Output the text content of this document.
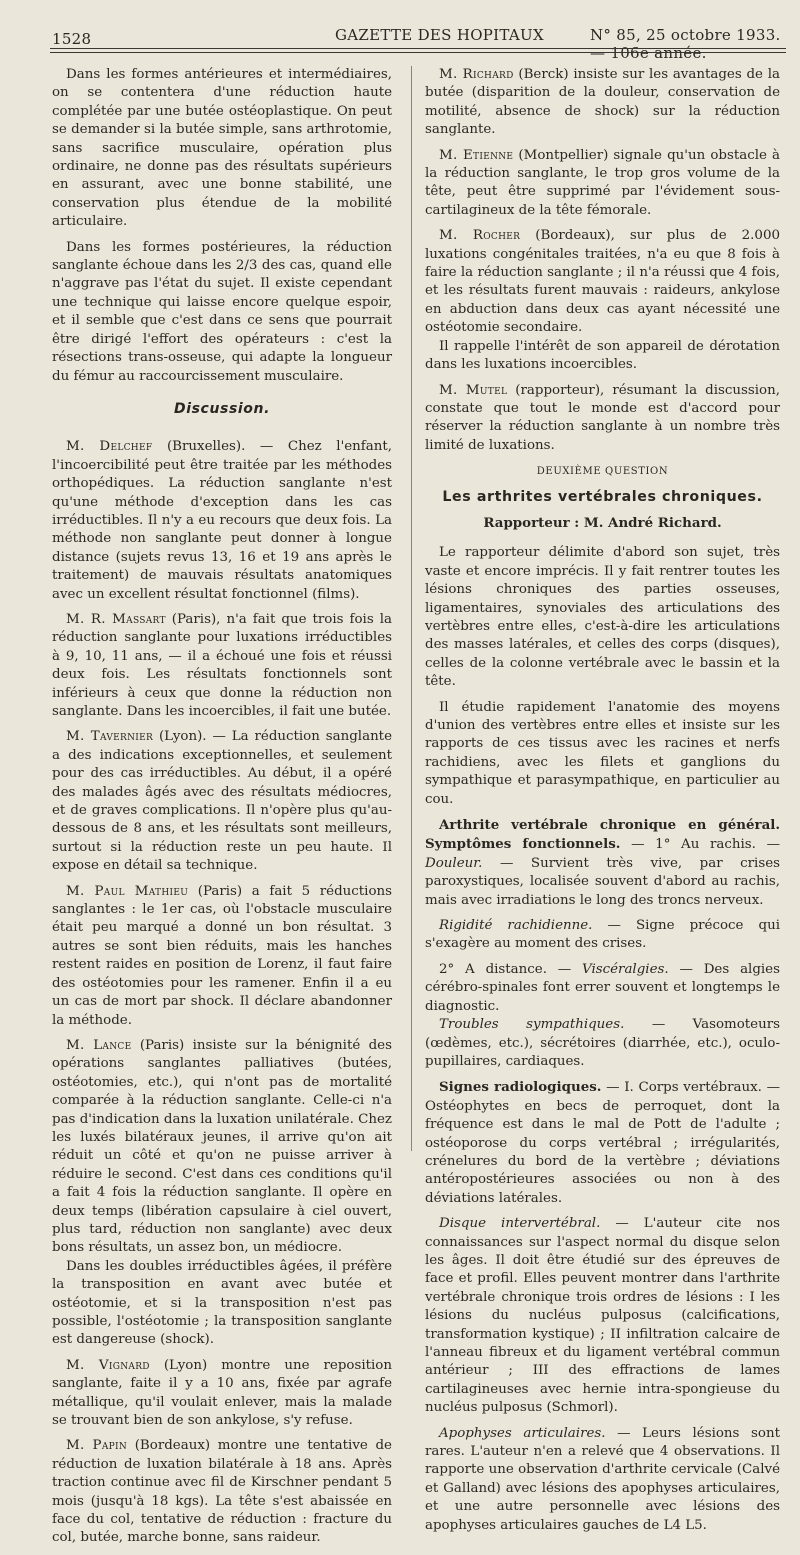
1528	GAZETTE DES HOPITAUX	N° 85, 25 octobre 1933. — 106e année.

Dans les formes antérieures et intermédiaires, on se contentera d'une réduction haute complétée par une butée ostéoplastique. On peut se demander si la butée simple, sans arthrotomie, sans sacrifice musculaire, opération plus ordinaire, ne donne pas des résultats supérieurs en assurant, avec une bonne stabilité, une conservation plus étendue de la mobilité articulaire.

Dans les formes postérieures, la réduction sanglante échoue dans les 2/3 des cas, quand elle n'aggrave pas l'état du sujet. Il existe cependant une technique qui laisse encore quelque espoir, et il semble que c'est dans ce sens que pourrait être dirigé l'effort des opérateurs : c'est la résections trans-osseuse, qui adapte la longueur du fémur au raccourcissement musculaire.

Discussion.

M. Delchef (Bruxelles). — Chez l'enfant, l'incoercibilité peut être traitée par les méthodes orthopédiques. La réduction sanglante n'est qu'une méthode d'exception dans les cas irréductibles. Il n'y a eu recours que deux fois. La méthode non sanglante peut donner à longue distance (sujets revus 13, 16 et 19 ans après le traitement) de mauvais résultats anatomiques avec un excellent résultat fonctionnel (films).

M. R. Massart (Paris), n'a fait que trois fois la réduction sanglante pour luxations irréductibles à 9, 10, 11 ans, — il a échoué une fois et réussi deux fois. Les résultats fonctionnels sont inférieurs à ceux que donne la réduction non sanglante. Dans les incoercibles, il fait une butée.

M. Tavernier (Lyon). — La réduction sanglante a des indications exceptionnelles, et seulement pour des cas irréductibles. Au début, il a opéré des malades âgés avec des résultats médiocres, et de graves complications. Il n'opère plus qu'au-dessous de 8 ans, et les résultats sont meilleurs, surtout si la réduction reste un peu haute. Il expose en détail sa technique.

M. Paul Mathieu (Paris) a fait 5 réductions sanglantes : le 1er cas, où l'obstacle musculaire était peu marqué a donné un bon résultat. 3 autres se sont bien réduits, mais les hanches restent raides en position de Lorenz, il faut faire des ostéotomies pour les ramener. Enfin il a eu un cas de mort par shock. Il déclare abandonner la méthode.

M. Lance (Paris) insiste sur la bénignité des opérations sanglantes palliatives (butées, ostéotomies, etc.), qui n'ont pas de mortalité comparée à la réduction sanglante. Celle-ci n'a pas d'indication dans la luxation unilatérale. Chez les luxés bilatéraux jeunes, il arrive qu'on ait réduit un côté et qu'on ne puisse arriver à réduire le second. C'est dans ces conditions qu'il a fait 4 fois la réduction sanglante. Il opère en deux temps (libération capsulaire à ciel ouvert, plus tard, réduction non sanglante) avec deux bons résultats, un assez bon, un médiocre.

Dans les doubles irréductibles âgées, il préfère la transposition en avant avec butée et ostéotomie, et si la transposition n'est pas possible, l'ostéotomie ; la transposition sanglante est dangereuse (shock).

M. Vignard (Lyon) montre une reposition sanglante, faite il y a 10 ans, fixée par agrafe métallique, qu'il voulait enlever, mais la malade se trouvant bien de son ankylose, s'y refuse.

M. Papin (Bordeaux) montre une tentative de réduction de luxation bilatérale à 18 ans. Après traction continue avec fil de Kirschner pendant 5 mois (jusqu'à 18 kgs). La tête s'est abaissée en face du col, tentative de réduction : fracture du col, butée, marche bonne, sans raideur.

M. Richard (Berck) insiste sur les avantages de la butée (disparition de la douleur, conservation de motilité, absence de shock) sur la réduction sanglante.

M. Etienne (Montpellier) signale qu'un obstacle à la réduction sanglante, le trop gros volume de la tête, peut être supprimé par l'évidement sous-cartilagineux de la tête fémorale.

M. Rocher (Bordeaux), sur plus de 2.000 luxations congénitales traitées, n'a eu que 8 fois à faire la réduction sanglante ; il n'a réussi que 4 fois, et les résultats furent mauvais : raideurs, ankylose en abduction dans deux cas ayant nécessité une ostéotomie secondaire.

Il rappelle l'intérêt de son appareil de dérotation dans les luxations incoercibles.

M. Mutel (rapporteur), résumant la discussion, constate que tout le monde est d'accord pour réserver la réduction sanglante à un nombre très limité de luxations.

DEUXIÈME QUESTION
Les arthrites vertébrales chroniques.
Rapporteur : M. André Richard.

Le rapporteur délimite d'abord son sujet, très vaste et encore imprécis. Il y fait rentrer toutes les lésions chroniques des parties osseuses, ligamentaires, synoviales des articulations des vertèbres entre elles, c'est-à-dire les articulations des masses latérales, et celles des corps (disques), celles de la colonne vertébrale avec le bassin et la tête.

Il étudie rapidement l'anatomie des moyens d'union des vertèbres entre elles et insiste sur les rapports de ces tissus avec les racines et nerfs rachidiens, avec les filets et ganglions du sympathique et parasympathique, en particulier au cou.

Arthrite vertébrale chronique en général. Symptômes fonctionnels. — 1° Au rachis. — Douleur. — Survient très vive, par crises paroxystiques, localisée souvent d'abord au rachis, mais avec irradiations le long des troncs nerveux.

Rigidité rachidienne. — Signe précoce qui s'exagère au moment des crises.

2° A distance. — Viscéralgies. — Des algies cérébro-spinales font errer souvent et longtemps le diagnostic.

Troubles sympathiques. — Vasomoteurs (œdèmes, etc.), sécrétoires (diarrhée, etc.), oculo-pupillaires, cardiaques.

Signes radiologiques. — I. Corps vertébraux. — Ostéophytes en becs de perroquet, dont la fréquence est dans le mal de Pott de l'adulte ; ostéoporose du corps vertébral ; irrégularités, crénelures du bord de la vertèbre ; déviations antéropostérieures associées ou non à des déviations latérales.

Disque intervertébral. — L'auteur cite nos connaissances sur l'aspect normal du disque selon les âges. Il doit être étudié sur des épreuves de face et profil. Elles peuvent montrer dans l'arthrite vertébrale chronique trois ordres de lésions : I les lésions du nucléus pulposus (calcifications, transformation kystique) ; II infiltration calcaire de l'anneau fibreux et du ligament vertébral commun antérieur ; III des effractions de lames cartilagineuses avec hernie intra-spongieuse du nucléus pulposus (Schmorl).

Apophyses articulaires. — Leurs lésions sont rares. L'auteur n'en a relevé que 4 observations. Il rapporte une observation d'arthrite cervicale (Calvé et Galland) avec lésions des apophyses articulaires, et une autre personnelle avec lésions des apophyses articulaires gauches de L4 L5.
